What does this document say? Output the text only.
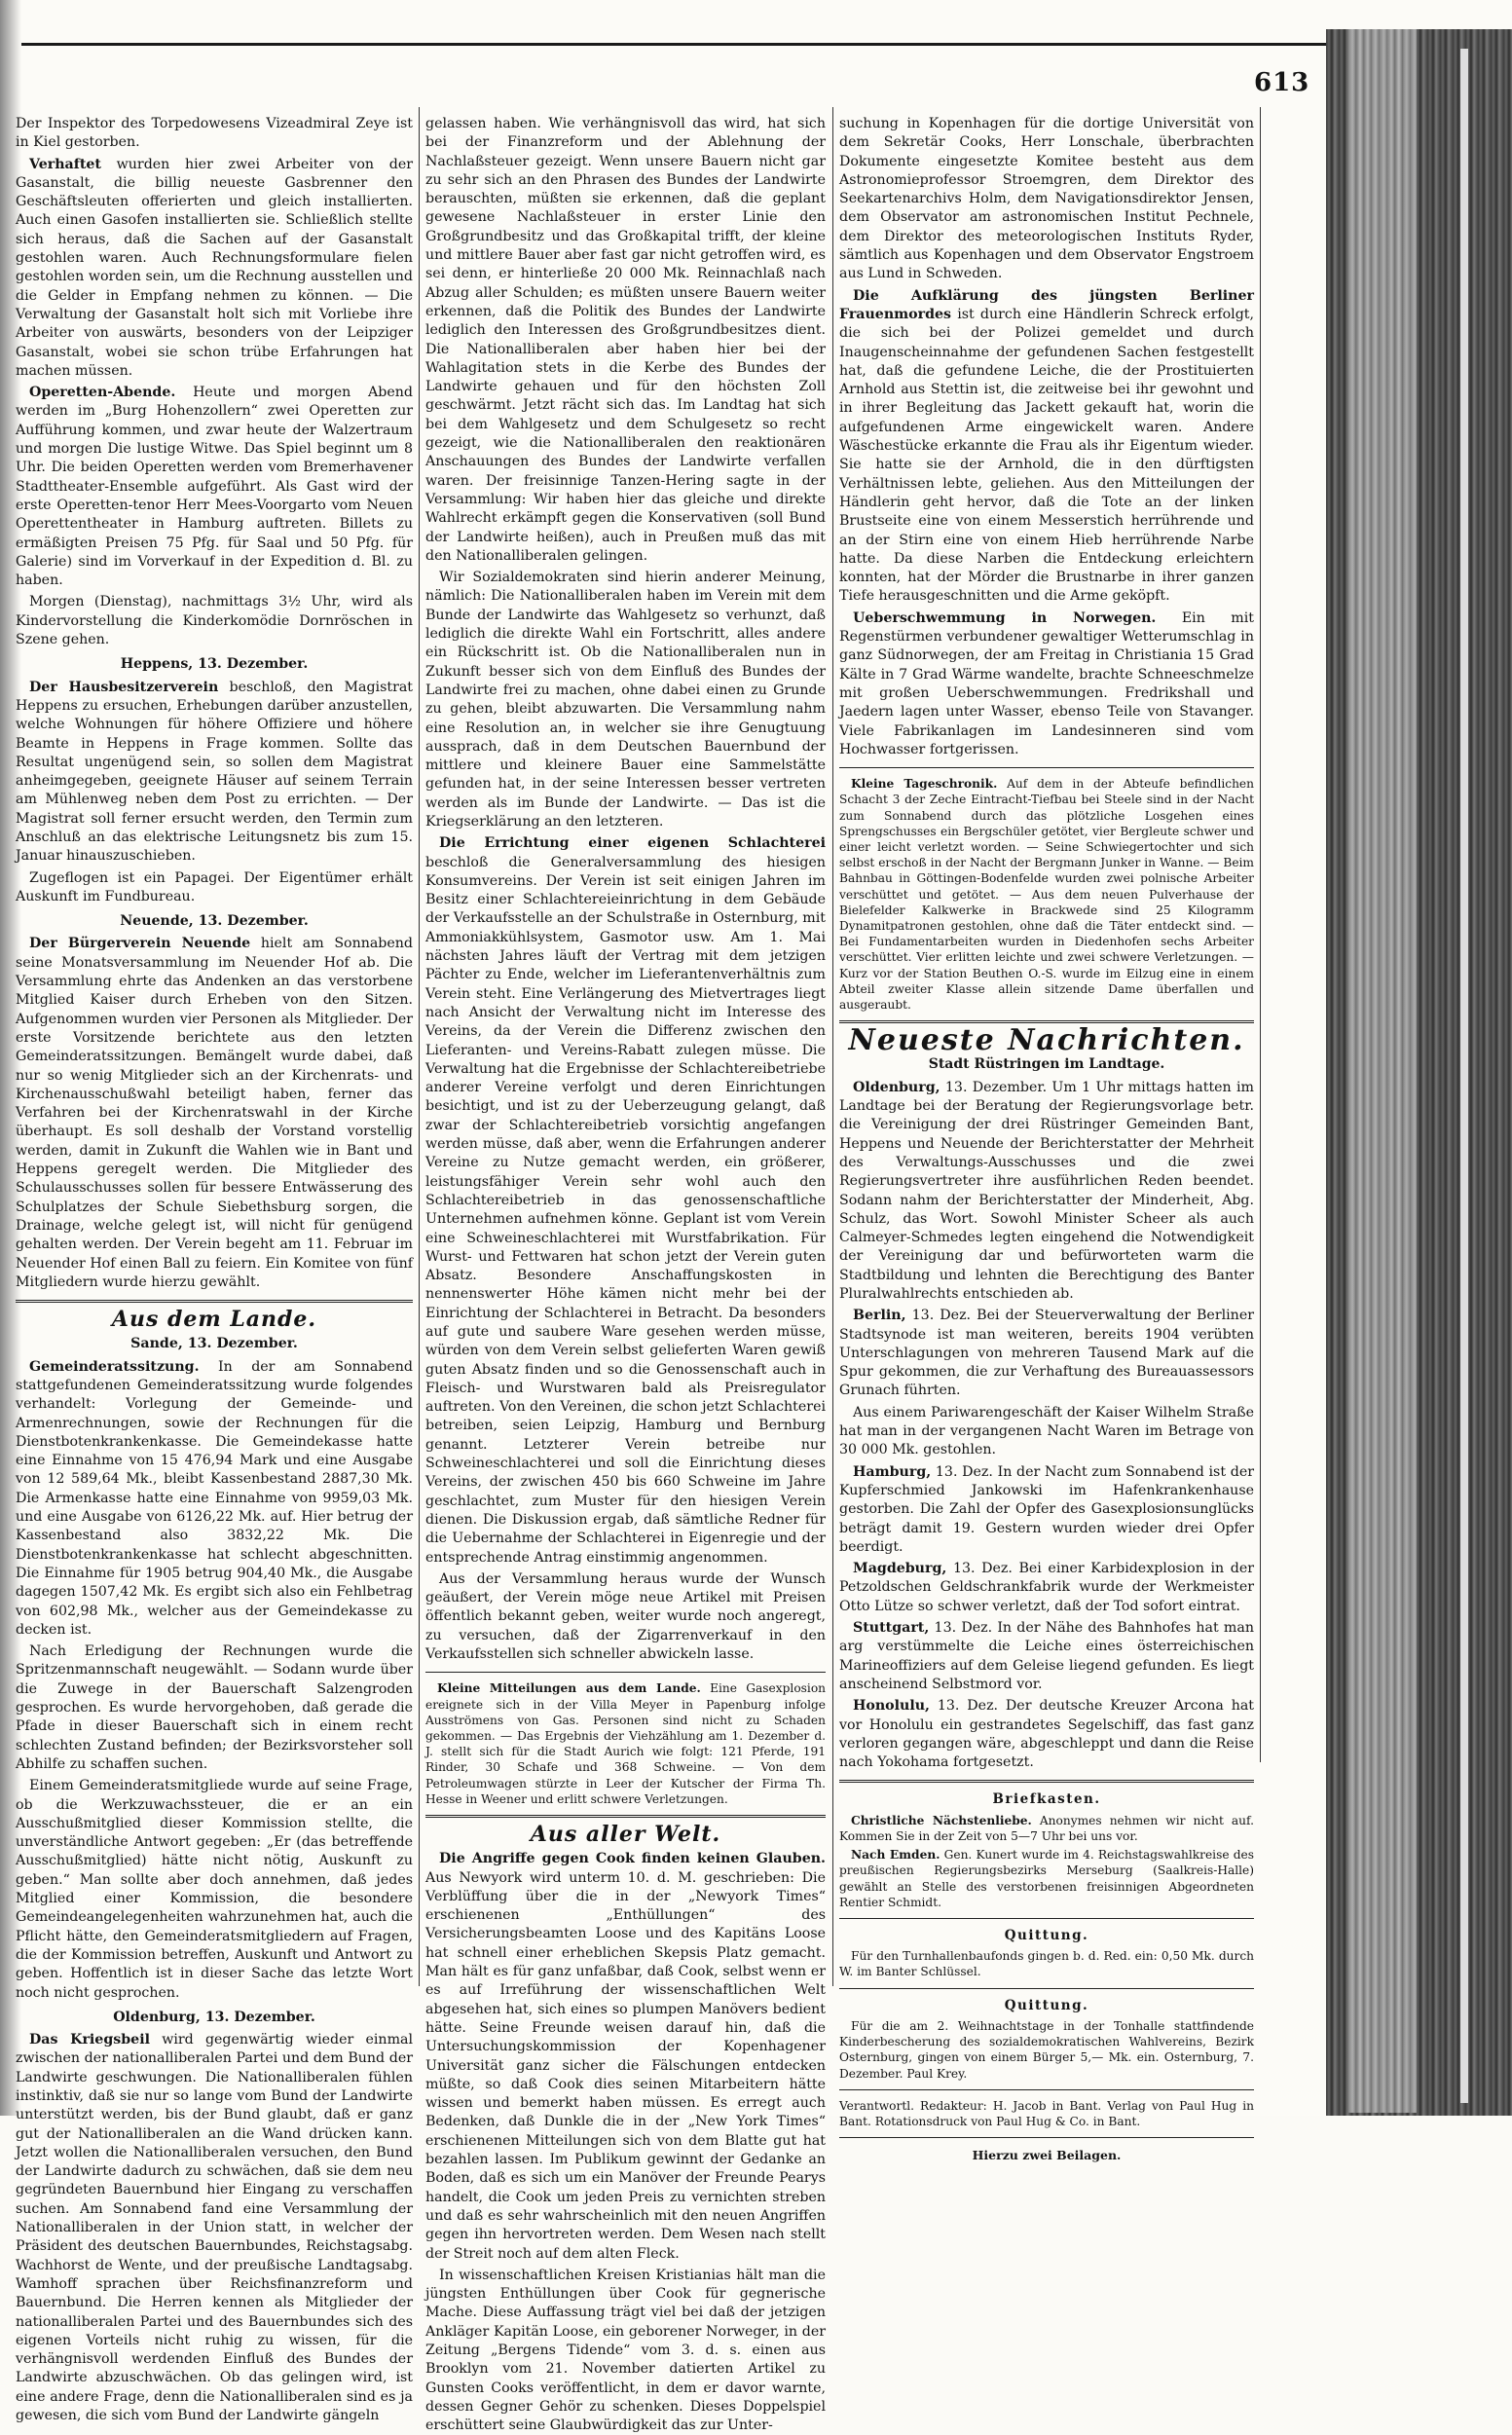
613

Der Inspektor des Torpedowesens Vizeadmiral Zeye ist in Kiel gestorben.

Verhaftet wurden hier zwei Arbeiter von der Gasanstalt, die billig neueste Gasbrenner den Geschäftsleuten offerierten und gleich installierten. Auch einen Gasofen installierten sie. Schließlich stellte sich heraus, daß die Sachen auf der Gasanstalt gestohlen waren. Auch Rechnungsformulare fielen gestohlen worden sein, um die Rechnung ausstellen und die Gelder in Empfang nehmen zu können. — Die Verwaltung der Gasanstalt holt sich mit Vorliebe ihre Arbeiter von auswärts, besonders von der Leipziger Gasanstalt, wobei sie schon trübe Erfahrungen hat machen müssen.

Operetten-Abende. Heute und morgen Abend werden im „Burg Hohenzollern“ zwei Operetten zur Aufführung kommen, und zwar heute der Walzertraum und morgen Die lustige Witwe. Das Spiel beginnt um 8 Uhr. Die beiden Operetten werden vom Bremerhavener Stadttheater-Ensemble aufgeführt. Als Gast wird der erste Operetten-tenor Herr Mees-Voorgarto vom Neuen Operettentheater in Hamburg auftreten. Billets zu ermäßigten Preisen 75 Pfg. für Saal und 50 Pfg. für Galerie) sind im Vorverkauf in der Expedition d. Bl. zu haben.

Morgen (Dienstag), nachmittags 3½ Uhr, wird als Kindervorstellung die Kinderkomödie Dornröschen in Szene gehen.

Heppens, 13. Dezember.

Der Hausbesitzerverein beschloß, den Magistrat Heppens zu ersuchen, Erhebungen darüber anzustellen, welche Wohnungen für höhere Offiziere und höhere Beamte in Heppens in Frage kommen. Sollte das Resultat ungenügend sein, so sollen dem Magistrat anheimgegeben, geeignete Häuser auf seinem Terrain am Mühlenweg neben dem Post zu errichten. — Der Magistrat soll ferner ersucht werden, den Termin zum Anschluß an das elektrische Leitungsnetz bis zum 15. Januar hinauszuschieben.

Zugeflogen ist ein Papagei. Der Eigentümer erhält Auskunft im Fundbureau.

Neuende, 13. Dezember.

Der Bürgerverein Neuende hielt am Sonnabend seine Monatsversammlung im Neuender Hof ab. Die Versammlung ehrte das Andenken an das verstorbene Mitglied Kaiser durch Erheben von den Sitzen. Aufgenommen wurden vier Personen als Mitglieder. Der erste Vorsitzende berichtete aus den letzten Gemeinderatssitzungen. Bemängelt wurde dabei, daß nur so wenig Mitglieder sich an der Kirchenrats- und Kirchenausschußwahl beteiligt haben, ferner das Verfahren bei der Kirchenratswahl in der Kirche überhaupt. Es soll deshalb der Vorstand vorstellig werden, damit in Zukunft die Wahlen wie in Bant und Heppens geregelt werden. Die Mitglieder des Schulausschusses sollen für bessere Entwässerung des Schulplatzes der Schule Siebethsburg sorgen, die Drainage, welche gelegt ist, will nicht für genügend gehalten werden. Der Verein begeht am 11. Februar im Neuender Hof einen Ball zu feiern. Ein Komitee von fünf Mitgliedern wurde hierzu gewählt.

Aus dem Lande.
Sande, 13. Dezember.

Gemeinderatssitzung. In der am Sonnabend stattgefundenen Gemeinderatssitzung wurde folgendes verhandelt: Vorlegung der Gemeinde- und Armenrechnungen, sowie der Rechnungen für die Dienstbotenkrankenkasse. Die Gemeindekasse hatte eine Einnahme von 15 476,94 Mark und eine Ausgabe von 12 589,64 Mk., bleibt Kassenbestand 2887,30 Mk. Die Armenkasse hatte eine Einnahme von 9959,03 Mk. und eine Ausgabe von 6126,22 Mk. auf. Hier betrug der Kassenbestand also 3832,22 Mk. Die Dienstbotenkrankenkasse hat schlecht abgeschnitten. Die Einnahme für 1905 betrug 904,40 Mk., die Ausgabe dagegen 1507,42 Mk. Es ergibt sich also ein Fehlbetrag von 602,98 Mk., welcher aus der Gemeindekasse zu decken ist.

Nach Erledigung der Rechnungen wurde die Spritzenmannschaft neugewählt. — Sodann wurde über die Zuwege in der Bauerschaft Salzengroden gesprochen. Es wurde hervorgehoben, daß gerade die Pfade in dieser Bauerschaft sich in einem recht schlechten Zustand befinden; der Bezirksvorsteher soll Abhilfe zu schaffen suchen.

Einem Gemeinderatsmitgliede wurde auf seine Frage, ob die Werkzuwachssteuer, die er an ein Ausschußmitglied dieser Kommission stellte, die unverständliche Antwort gegeben: „Er (das betreffende Ausschußmitglied) hätte nicht nötig, Auskunft zu geben.“ Man sollte aber doch annehmen, daß jedes Mitglied einer Kommission, die besondere Gemeindeangelegenheiten wahrzunehmen hat, auch die Pflicht hätte, den Gemeinderatsmitgliedern auf Fragen, die der Kommission betreffen, Auskunft und Antwort zu geben. Hoffentlich ist in dieser Sache das letzte Wort noch nicht gesprochen.

Oldenburg, 13. Dezember.

Das Kriegsbeil wird gegenwärtig wieder einmal zwischen der nationalliberalen Partei und dem Bund der Landwirte geschwungen. Die Nationalliberalen fühlen instinktiv, daß sie nur so lange vom Bund der Landwirte unterstützt werden, bis der Bund glaubt, daß er ganz gut der Nationalliberalen an die Wand drücken kann. Jetzt wollen die Nationalliberalen versuchen, den Bund der Landwirte dadurch zu schwächen, daß sie dem neu gegründeten Bauernbund hier Eingang zu verschaffen suchen. Am Sonnabend fand eine Versammlung der Nationalliberalen in der Union statt, in welcher der Präsident des deutschen Bauernbundes, Reichstagsabg. Wachhorst de Wente, und der preußische Landtagsabg. Wamhoff sprachen über Reichsfinanzreform und Bauernbund. Die Herren kennen als Mitglieder der nationalliberalen Partei und des Bauernbundes sich des eigenen Vorteils nicht ruhig zu wissen, für die verhängnisvoll werdenden Einfluß des Bundes der Landwirte abzuschwächen. Ob das gelingen wird, ist eine andere Frage, denn die Nationalliberalen sind es ja gewesen, die sich vom Bund der Landwirte gängeln

gelassen haben. Wie verhängnisvoll das wird, hat sich bei der Finanzreform und der Ablehnung der Nachlaßsteuer gezeigt. Wenn unsere Bauern nicht gar zu sehr sich an den Phrasen des Bundes der Landwirte berauschten, müßten sie erkennen, daß die geplant gewesene Nachlaßsteuer in erster Linie den Großgrundbesitz und das Großkapital trifft, der kleine und mittlere Bauer aber fast gar nicht getroffen wird, es sei denn, er hinterließe 20 000 Mk. Reinnachlaß nach Abzug aller Schulden; es müßten unsere Bauern weiter erkennen, daß die Politik des Bundes der Landwirte lediglich den Interessen des Großgrundbesitzes dient. Die Nationalliberalen aber haben hier bei der Wahlagitation stets in die Kerbe des Bundes der Landwirte gehauen und für den höchsten Zoll geschwärmt. Jetzt rächt sich das. Im Landtag hat sich bei dem Wahlgesetz und dem Schulgesetz so recht gezeigt, wie die Nationalliberalen den reaktionären Anschauungen des Bundes der Landwirte verfallen waren. Der freisinnige Tanzen-Hering sagte in der Versammlung: Wir haben hier das gleiche und direkte Wahlrecht erkämpft gegen die Konservativen (soll Bund der Landwirte heißen), auch in Preußen muß das mit den Nationalliberalen gelingen.

Wir Sozialdemokraten sind hierin anderer Meinung, nämlich: Die Nationalliberalen haben im Verein mit dem Bunde der Landwirte das Wahlgesetz so verhunzt, daß lediglich die direkte Wahl ein Fortschritt, alles andere ein Rückschritt ist. Ob die Nationalliberalen nun in Zukunft besser sich von dem Einfluß des Bundes der Landwirte frei zu machen, ohne dabei einen zu Grunde zu gehen, bleibt abzuwarten. Die Versammlung nahm eine Resolution an, in welcher sie ihre Genugtuung aussprach, daß in dem Deutschen Bauernbund der mittlere und kleinere Bauer eine Sammelstätte gefunden hat, in der seine Interessen besser vertreten werden als im Bunde der Landwirte. — Das ist die Kriegserklärung an den letzteren.

Die Errichtung einer eigenen Schlachterei beschloß die Generalversammlung des hiesigen Konsumvereins. Der Verein ist seit einigen Jahren im Besitz einer Schlachtereieinrichtung in dem Gebäude der Verkaufsstelle an der Schulstraße in Osternburg, mit Ammoniakkühlsystem, Gasmotor usw. Am 1. Mai nächsten Jahres läuft der Vertrag mit dem jetzigen Pächter zu Ende, welcher im Lieferantenverhältnis zum Verein steht. Eine Verlängerung des Mietvertrages liegt nach Ansicht der Verwaltung nicht im Interesse des Vereins, da der Verein die Differenz zwischen den Lieferanten- und Vereins-Rabatt zulegen müsse. Die Verwaltung hat die Ergebnisse der Schlachtereibetriebe anderer Vereine verfolgt und deren Einrichtungen besichtigt, und ist zu der Ueberzeugung gelangt, daß zwar der Schlachtereibetrieb vorsichtig angefangen werden müsse, daß aber, wenn die Erfahrungen anderer Vereine zu Nutze gemacht werden, ein größerer, leistungsfähiger Verein sehr wohl auch den Schlachtereibetrieb in das genossenschaftliche Unternehmen aufnehmen könne. Geplant ist vom Verein eine Schweineschlachterei mit Wurstfabrikation. Für Wurst- und Fettwaren hat schon jetzt der Verein guten Absatz. Besondere Anschaffungskosten in nennenswerter Höhe kämen nicht mehr bei der Einrichtung der Schlachterei in Betracht. Da besonders auf gute und saubere Ware gesehen werden müsse, würden von dem Verein selbst gelieferten Waren gewiß guten Absatz finden und so die Genossenschaft auch in Fleisch- und Wurstwaren bald als Preisregulator auftreten. Von den Vereinen, die schon jetzt Schlachterei betreiben, seien Leipzig, Hamburg und Bernburg genannt. Letzterer Verein betreibe nur Schweineschlachterei und soll die Einrichtung dieses Vereins, der zwischen 450 bis 660 Schweine im Jahre geschlachtet, zum Muster für den hiesigen Verein dienen. Die Diskussion ergab, daß sämtliche Redner für die Uebernahme der Schlachterei in Eigenregie und der entsprechende Antrag einstimmig angenommen.

Aus der Versammlung heraus wurde der Wunsch geäußert, der Verein möge neue Artikel mit Preisen öffentlich bekannt geben, weiter wurde noch angeregt, zu versuchen, daß der Zigarrenverkauf in den Verkaufsstellen sich schneller abwickeln lasse.

Kleine Mitteilungen aus dem Lande. Eine Gasexplosion ereignete sich in der Villa Meyer in Papenburg infolge Ausströmens von Gas. Personen sind nicht zu Schaden gekommen. — Das Ergebnis der Viehzählung am 1. Dezember d. J. stellt sich für die Stadt Aurich wie folgt: 121 Pferde, 191 Rinder, 30 Schafe und 368 Schweine. — Von dem Petroleumwagen stürzte in Leer der Kutscher der Firma Th. Hesse in Weener und erlitt schwere Verletzungen.

Aus aller Welt.

Die Angriffe gegen Cook finden keinen Glauben. Aus Newyork wird unterm 10. d. M. geschrieben: Die Verblüffung über die in der „Newyork Times“ erschienenen „Enthüllungen“ des Versicherungsbeamten Loose und des Kapitäns Loose hat schnell einer erheblichen Skepsis Platz gemacht. Man hält es für ganz unfaßbar, daß Cook, selbst wenn er es auf Irreführung der wissenschaftlichen Welt abgesehen hat, sich eines so plumpen Manövers bedient hätte. Seine Freunde weisen darauf hin, daß die Untersuchungskommission der Kopenhagener Universität ganz sicher die Fälschungen entdecken müßte, so daß Cook dies seinen Mitarbeitern hätte wissen und bemerkt haben müssen. Es erregt auch Bedenken, daß Dunkle die in der „New York Times“ erschienenen Mitteilungen sich von dem Blatte gut hat bezahlen lassen. Im Publikum gewinnt der Gedanke an Boden, daß es sich um ein Manöver der Freunde Pearys handelt, die Cook um jeden Preis zu vernichten streben und daß es sehr wahrscheinlich mit den neuen Angriffen gegen ihn hervortreten werden. Dem Wesen nach stellt der Streit noch auf dem alten Fleck.

In wissenschaftlichen Kreisen Kristianias hält man die jüngsten Enthüllungen über Cook für gegnerische Mache. Diese Auffassung trägt viel bei daß der jetzigen Ankläger Kapitän Loose, ein geborener Norweger, in der Zeitung „Bergens Tidende“ vom 3. d. s. einen aus Brooklyn vom 21. November datierten Artikel zu Gunsten Cooks veröffentlicht, in dem er davor warnte, dessen Gegner Gehör zu schenken. Dieses Doppelspiel erschüttert seine Glaubwürdigkeit das zur Unter-

suchung in Kopenhagen für die dortige Universität von dem Sekretär Cooks, Herr Lonschale, überbrachten Dokumente eingesetzte Komitee besteht aus dem Astronomieprofessor Stroemgren, dem Direktor des Seekartenarchivs Holm, dem Navigationsdirektor Jensen, dem Observator am astronomischen Institut Pechnele, dem Direktor des meteorologischen Instituts Ryder, sämtlich aus Kopenhagen und dem Observator Engstroem aus Lund in Schweden.

Die Aufklärung des jüngsten Berliner Frauenmordes ist durch eine Händlerin Schreck erfolgt, die sich bei der Polizei gemeldet und durch Inaugenscheinnahme der gefundenen Sachen festgestellt hat, daß die gefundene Leiche, die der Prostituierten Arnhold aus Stettin ist, die zeitweise bei ihr gewohnt und in ihrer Begleitung das Jackett gekauft hat, worin die aufgefundenen Arme eingewickelt waren. Andere Wäschestücke erkannte die Frau als ihr Eigentum wieder. Sie hatte sie der Arnhold, die in den dürftigsten Verhältnissen lebte, geliehen. Aus den Mitteilungen der Händlerin geht hervor, daß die Tote an der linken Brustseite eine von einem Messerstich herrührende und an der Stirn eine von einem Hieb herrührende Narbe hatte. Da diese Narben die Entdeckung erleichtern konnten, hat der Mörder die Brustnarbe in ihrer ganzen Tiefe herausgeschnitten und die Arme geköpft.

Ueberschwemmung in Norwegen. Ein mit Regenstürmen verbundener gewaltiger Wetterumschlag in ganz Südnorwegen, der am Freitag in Christiania 15 Grad Kälte in 7 Grad Wärme wandelte, brachte Schneeschmelze mit großen Ueberschwemmungen. Fredrikshall und Jaedern lagen unter Wasser, ebenso Teile von Stavanger. Viele Fabrikanlagen im Landesinneren sind vom Hochwasser fortgerissen.

Kleine Tageschronik. Auf dem in der Abteufe befindlichen Schacht 3 der Zeche Eintracht-Tiefbau bei Steele sind in der Nacht zum Sonnabend durch das plötzliche Losgehen eines Sprengschusses ein Bergschüler getötet, vier Bergleute schwer und einer leicht verletzt worden. — Seine Schwiegertochter und sich selbst erschoß in der Nacht der Bergmann Junker in Wanne. — Beim Bahnbau in Göttingen-Bodenfelde wurden zwei polnische Arbeiter verschüttet und getötet. — Aus dem neuen Pulverhause der Bielefelder Kalkwerke in Brackwede sind 25 Kilogramm Dynamitpatronen gestohlen, ohne daß die Täter entdeckt sind. — Bei Fundamentarbeiten wurden in Diedenhofen sechs Arbeiter verschüttet. Vier erlitten leichte und zwei schwere Verletzungen. — Kurz vor der Station Beuthen O.-S. wurde im Eilzug eine in einem Abteil zweiter Klasse allein sitzende Dame überfallen und ausgeraubt.

Neueste Nachrichten.
Stadt Rüstringen im Landtage.

Oldenburg, 13. Dezember. Um 1 Uhr mittags hatten im Landtage bei der Beratung der Regierungsvorlage betr. die Vereinigung der drei Rüstringer Gemeinden Bant, Heppens und Neuende der Berichterstatter der Mehrheit des Verwaltungs-Ausschusses und die zwei Regierungsvertreter ihre ausführlichen Reden beendet. Sodann nahm der Berichterstatter der Minderheit, Abg. Schulz, das Wort. Sowohl Minister Scheer als auch Calmeyer-Schmedes legten eingehend die Notwendigkeit der Vereinigung dar und befürworteten warm die Stadtbildung und lehnten die Berechtigung des Banter Pluralwahlrechts entschieden ab.

Berlin, 13. Dez. Bei der Steuerverwaltung der Berliner Stadtsynode ist man weiteren, bereits 1904 verübten Unterschlagungen von mehreren Tausend Mark auf die Spur gekommen, die zur Verhaftung des Bureauassessors Grunach führten.

Aus einem Pariwarengeschäft der Kaiser Wilhelm Straße hat man in der vergangenen Nacht Waren im Betrage von 30 000 Mk. gestohlen.

Hamburg, 13. Dez. In der Nacht zum Sonnabend ist der Kupferschmied Jankowski im Hafenkrankenhause gestorben. Die Zahl der Opfer des Gasexplosionsunglücks beträgt damit 19. Gestern wurden wieder drei Opfer beerdigt.

Magdeburg, 13. Dez. Bei einer Karbidexplosion in der Petzoldschen Geldschrankfabrik wurde der Werkmeister Otto Lütze so schwer verletzt, daß der Tod sofort eintrat.

Stuttgart, 13. Dez. In der Nähe des Bahnhofes hat man arg verstümmelte die Leiche eines österreichischen Marineoffiziers auf dem Geleise liegend gefunden. Es liegt anscheinend Selbstmord vor.

Honolulu, 13. Dez. Der deutsche Kreuzer Arcona hat vor Honolulu ein gestrandetes Segelschiff, das fast ganz verloren gegangen wäre, abgeschleppt und dann die Reise nach Yokohama fortgesetzt.

Briefkasten.

Christliche Nächstenliebe. Anonymes nehmen wir nicht auf. Kommen Sie in der Zeit von 5—7 Uhr bei uns vor.

Nach Emden. Gen. Kunert wurde im 4. Reichstagswahlkreise des preußischen Regierungsbezirks Merseburg (Saalkreis-Halle) gewählt an Stelle des verstorbenen freisinnigen Abgeordneten Rentier Schmidt.

Quittung.

Für den Turnhallenbaufonds gingen b. d. Red. ein: 0,50 Mk. durch W. im Banter Schlüssel.

Quittung.

Für die am 2. Weihnachtstage in der Tonhalle stattfindende Kinderbescherung des sozialdemokratischen Wahlvereins, Bezirk Osternburg, gingen von einem Bürger 5,— Mk. ein. Osternburg, 7. Dezember. Paul Krey.

Verantwortl. Redakteur: H. Jacob in Bant. Verlag von Paul Hug in Bant. Rotationsdruck von Paul Hug & Co. in Bant.

Hierzu zwei Beilagen.
